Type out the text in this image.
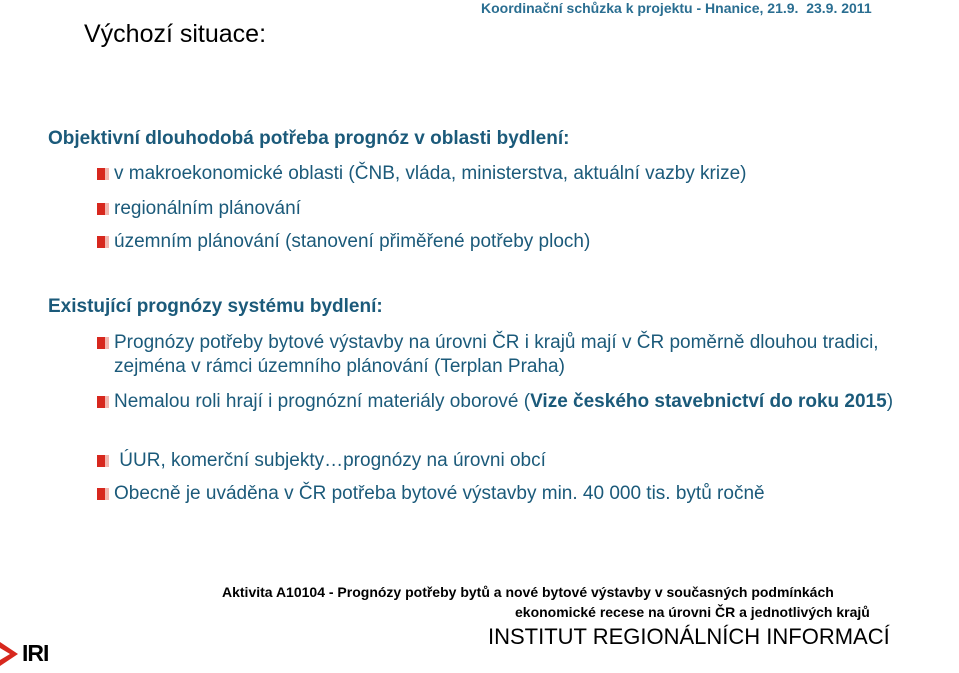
Výchozí situace:
Koordinační schůzka k projektu - Hnanice, 21.9.  23.9. 2011
Objektivní dlouhodobá potřeba prognóz v oblasti bydlení:
v makroekonomické oblasti (ČNB, vláda, ministerstva, aktuální vazby krize)
regionálním plánování
územním plánování (stanovení přiměřené potřeby ploch)
Existující prognózy systému bydlení:
Prognózy potřeby bytové výstavby na úrovni ČR i krajů mají v ČR poměrně dlouhou tradici, zejména v rámci územního plánování (Terplan Praha)
Nemalou roli hrají i prognózní materiály oborové (Vize českého stavebnictví do roku 2015)
ÚUR, komerční subjekty…prognózy na úrovni obcí
Obecně je uváděna v ČR potřeba bytové výstavby min. 40 000 tis. bytů ročně
Aktivita A10104 - Prognózy potřeby bytů a nové bytové výstavby v současných podmínkách
ekonomické recese na úrovni ČR a jednotlivých krajů
INSTITUT REGIONÁLNÍCH INFORMACÍ
IRI
